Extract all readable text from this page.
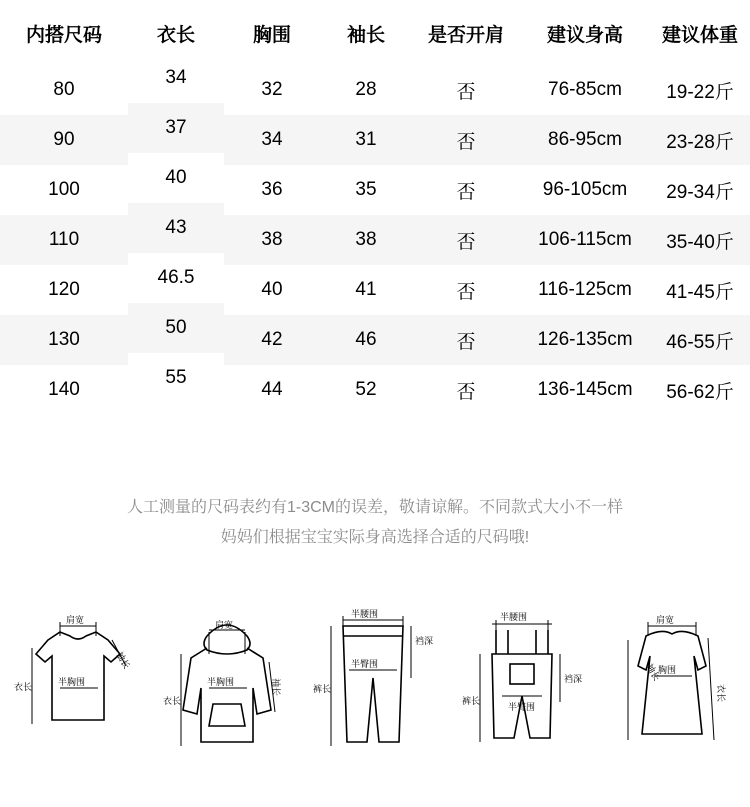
内搭尺码	衣长	胸围	袖长	是否开肩	建议身高	建议体重
80	34	32	28	否	76-85cm	19-22斤
90	37	34	31	否	86-95cm	23-28斤
100	40	36	35	否	96-105cm	29-34斤
110	43	38	38	否	106-115cm	35-40斤
120	46.5	40	41	否	116-125cm	41-45斤
130	50	42	46	否	126-135cm	46-55斤
140	55	44	52	否	136-145cm	56-62斤
人工测量的尺码表约有1-3CM的误差，敬请谅解。不同款式大小不一样
妈妈们根据宝宝实际身高选择合适的尺码哦!
肩宽
袖长
半胸围
衣长
肩宽
袖长
半胸围
衣长
半腰围
半臀围
裆深
裤长
半腰围
裆深
半臀围
裤长
肩宽
袖长
胸围
衣长
